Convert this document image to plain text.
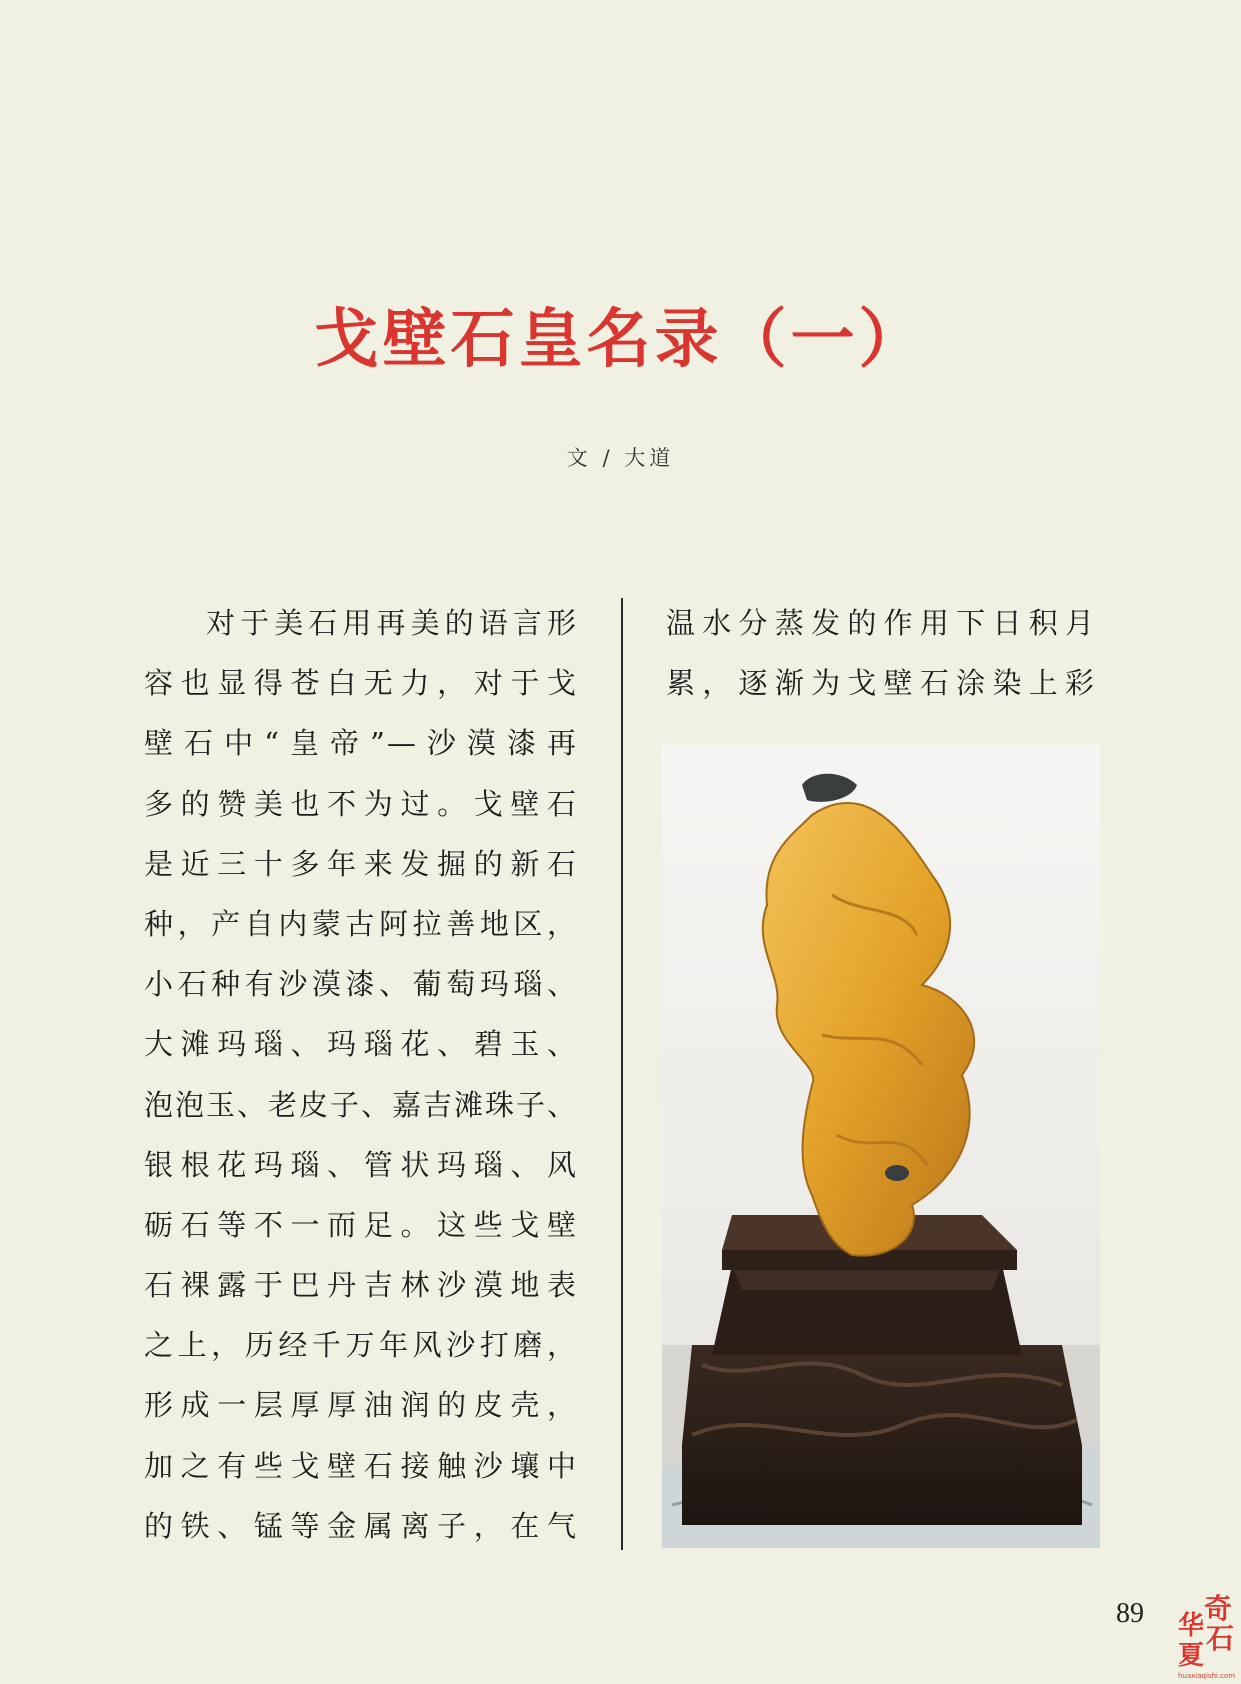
戈壁石皇名录（一）
文 / 大道
对于美石用再美的语言形
容也显得苍白无力，对于戈
壁石中“皇帝”—沙漠漆再
多的赞美也不为过。戈壁石
是近三十多年来发掘的新石
种，产自内蒙古阿拉善地区，
小石种有沙漠漆、葡萄玛瑙、
大滩玛瑙、玛瑙花、碧玉、
泡泡玉、老皮子、嘉吉滩珠子、
银根花玛瑙、管状玛瑙、风
砺石等不一而足。这些戈壁
石裸露于巴丹吉林沙漠地表
之上，历经千万年风沙打磨，
形成一层厚厚油润的皮壳，
加之有些戈壁石接触沙壤中
的铁、锰等金属离子，在气
温水分蒸发的作用下日积月
累，逐渐为戈壁石涂染上彩
89 奇
华 石
夏
huaxiaqishi.com
